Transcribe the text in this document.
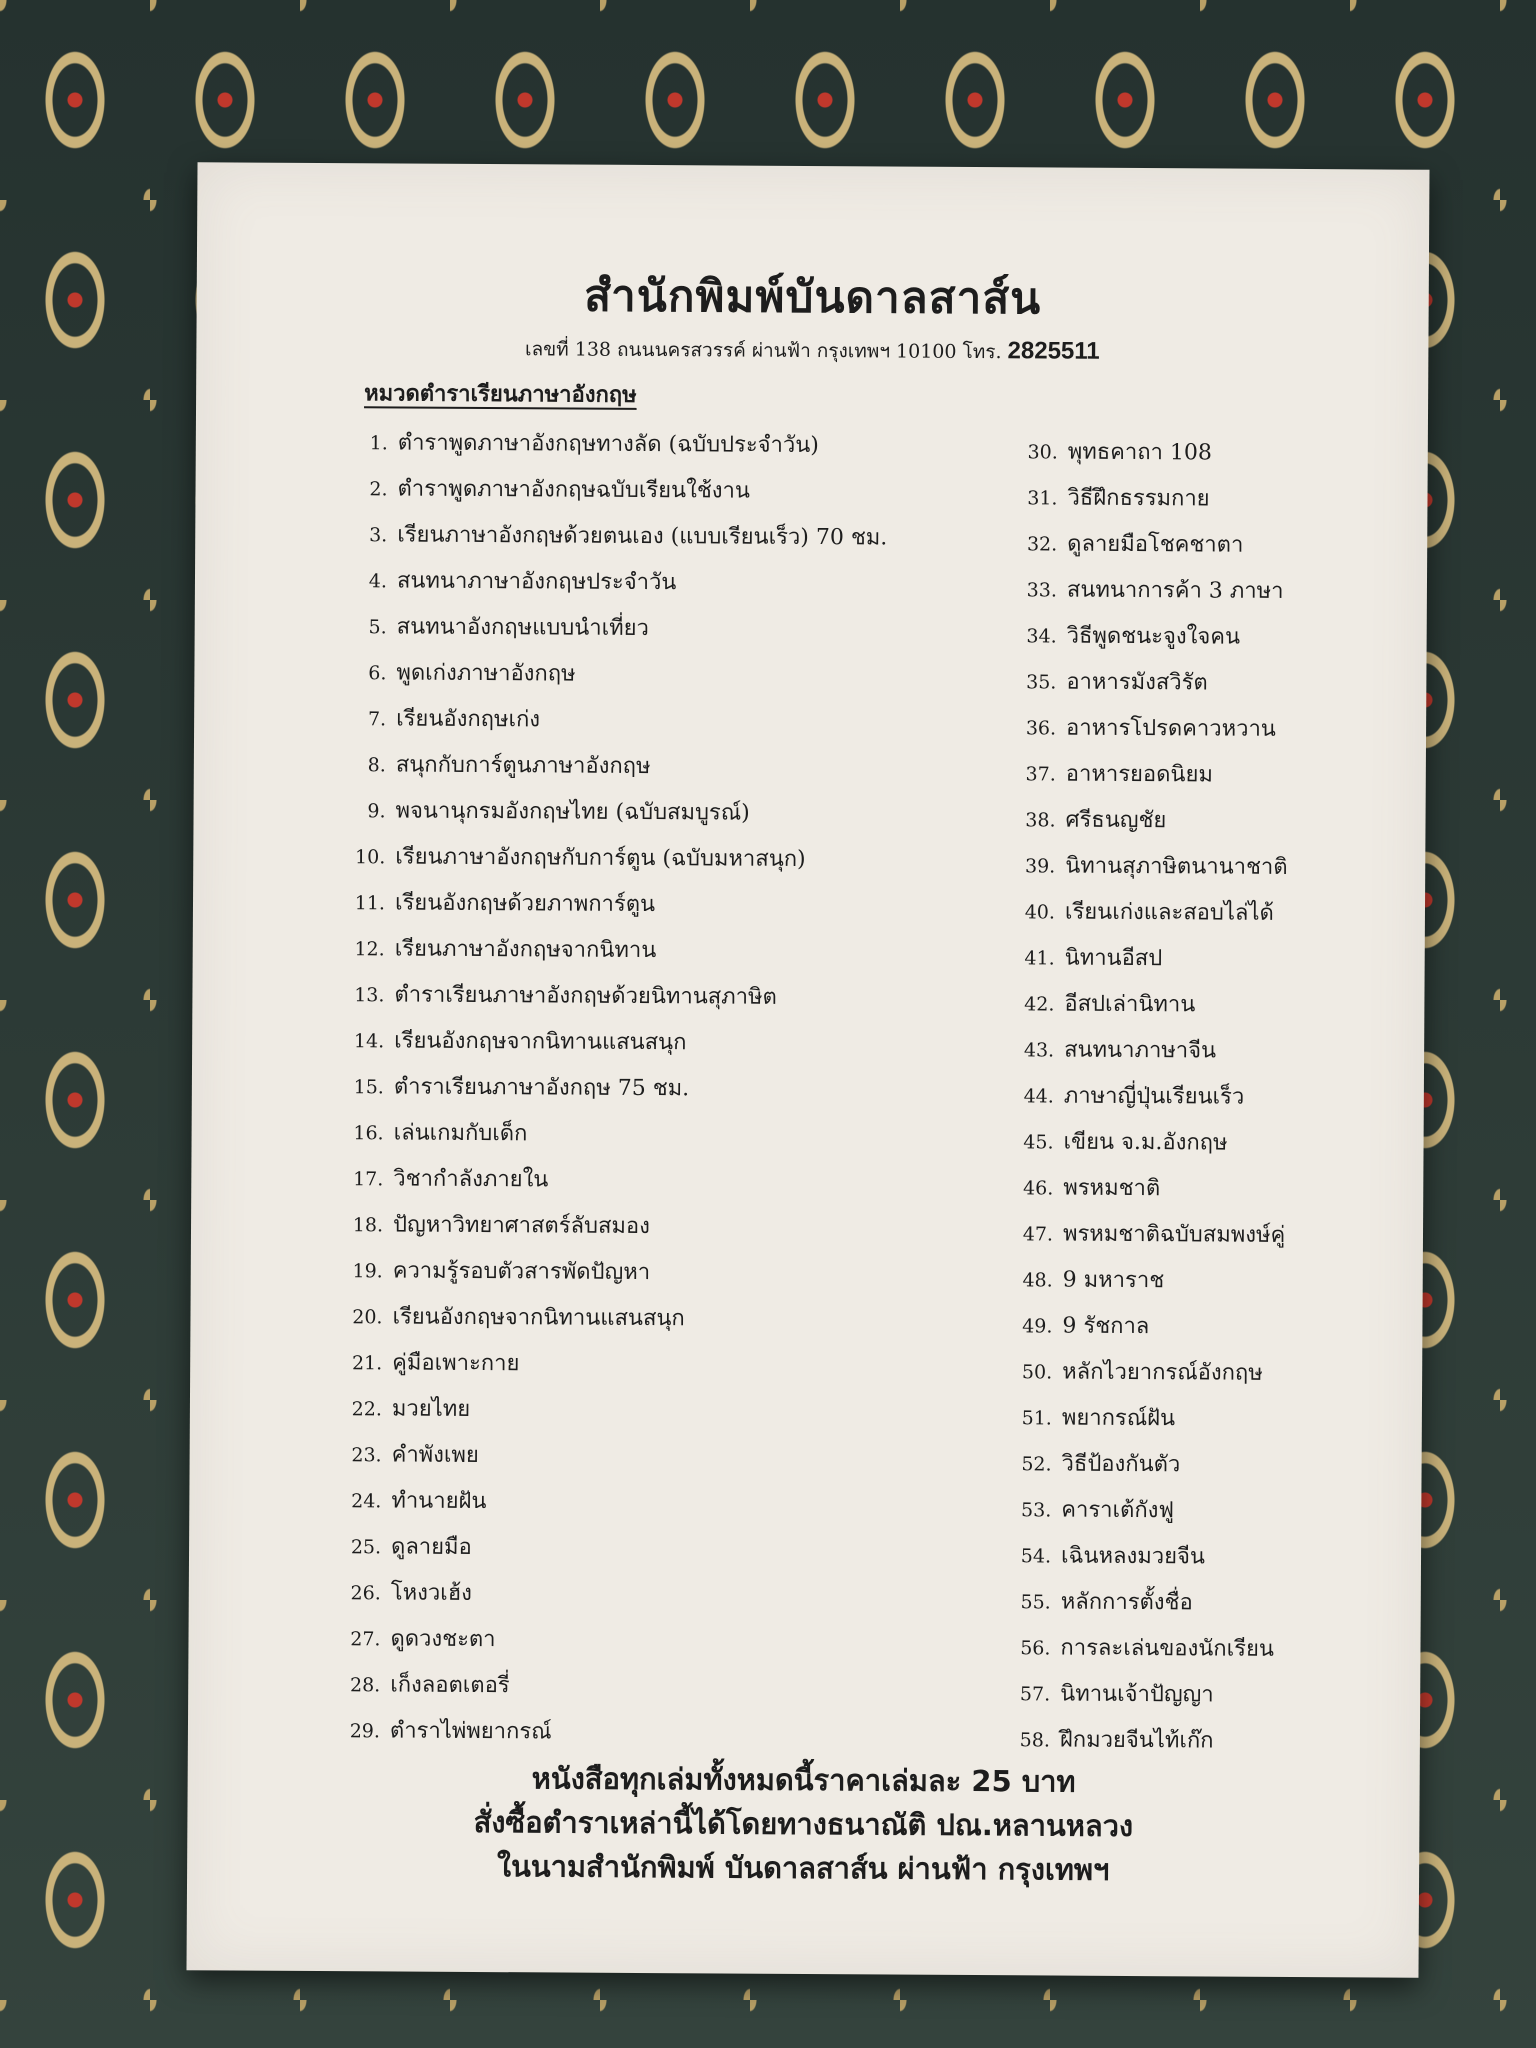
สำนักพิมพ์บันดาลสาส์น
เลขที่ 138 ถนนนครสวรรค์ ผ่านฟ้า กรุงเทพฯ 10100 โทร. 2825511
หมวดตำราเรียนภาษาอังกฤษ
1. ตำราพูดภาษาอังกฤษทางลัด (ฉบับประจำวัน)
2. ตำราพูดภาษาอังกฤษฉบับเรียนใช้งาน
3. เรียนภาษาอังกฤษด้วยตนเอง (แบบเรียนเร็ว) 70 ชม.
4. สนทนาภาษาอังกฤษประจำวัน
5. สนทนาอังกฤษแบบนำเที่ยว
6. พูดเก่งภาษาอังกฤษ
7. เรียนอังกฤษเก่ง
8. สนุกกับการ์ตูนภาษาอังกฤษ
9. พจนานุกรมอังกฤษไทย (ฉบับสมบูรณ์)
10. เรียนภาษาอังกฤษกับการ์ตูน (ฉบับมหาสนุก)
11. เรียนอังกฤษด้วยภาพการ์ตูน
12. เรียนภาษาอังกฤษจากนิทาน
13. ตำราเรียนภาษาอังกฤษด้วยนิทานสุภาษิต
14. เรียนอังกฤษจากนิทานแสนสนุก
15. ตำราเรียนภาษาอังกฤษ 75 ชม.
16. เล่นเกมกับเด็ก
17. วิชากำลังภายใน
18. ปัญหาวิทยาศาสตร์ลับสมอง
19. ความรู้รอบตัวสารพัดปัญหา
20. เรียนอังกฤษจากนิทานแสนสนุก
21. คู่มือเพาะกาย
22. มวยไทย
23. คำพังเพย
24. ทำนายฝัน
25. ดูลายมือ
26. โหงวเฮ้ง
27. ดูดวงชะตา
28. เก็งลอตเตอรี่
29. ตำราไพ่พยากรณ์
30. พุทธคาถา 108
31. วิธีฝึกธรรมกาย
32. ดูลายมือโชคชาตา
33. สนทนาการค้า 3 ภาษา
34. วิธีพูดชนะจูงใจคน
35. อาหารมังสวิรัต
36. อาหารโปรดคาวหวาน
37. อาหารยอดนิยม
38. ศรีธนญชัย
39. นิทานสุภาษิตนานาชาติ
40. เรียนเก่งและสอบไล่ได้
41. นิทานอีสป
42. อีสปเล่านิทาน
43. สนทนาภาษาจีน
44. ภาษาญี่ปุ่นเรียนเร็ว
45. เขียน จ.ม.อังกฤษ
46. พรหมชาติ
47. พรหมชาติฉบับสมพงษ์คู่
48. 9 มหาราช
49. 9 รัชกาล
50. หลักไวยากรณ์อังกฤษ
51. พยากรณ์ฝัน
52. วิธีป้องกันตัว
53. คาราเต้กังฟู
54. เฉินหลงมวยจีน
55. หลักการตั้งชื่อ
56. การละเล่นของนักเรียน
57. นิทานเจ้าปัญญา
58. ฝึกมวยจีนไท้เก๊ก
หนังสือทุกเล่มทั้งหมดนี้ราคาเล่มละ 25 บาท
สั่งซื้อตำราเหล่านี้ได้โดยทางธนาณัติ ปณ.หลานหลวง
ในนามสำนักพิมพ์ บันดาลสาส์น ผ่านฟ้า กรุงเทพฯ
